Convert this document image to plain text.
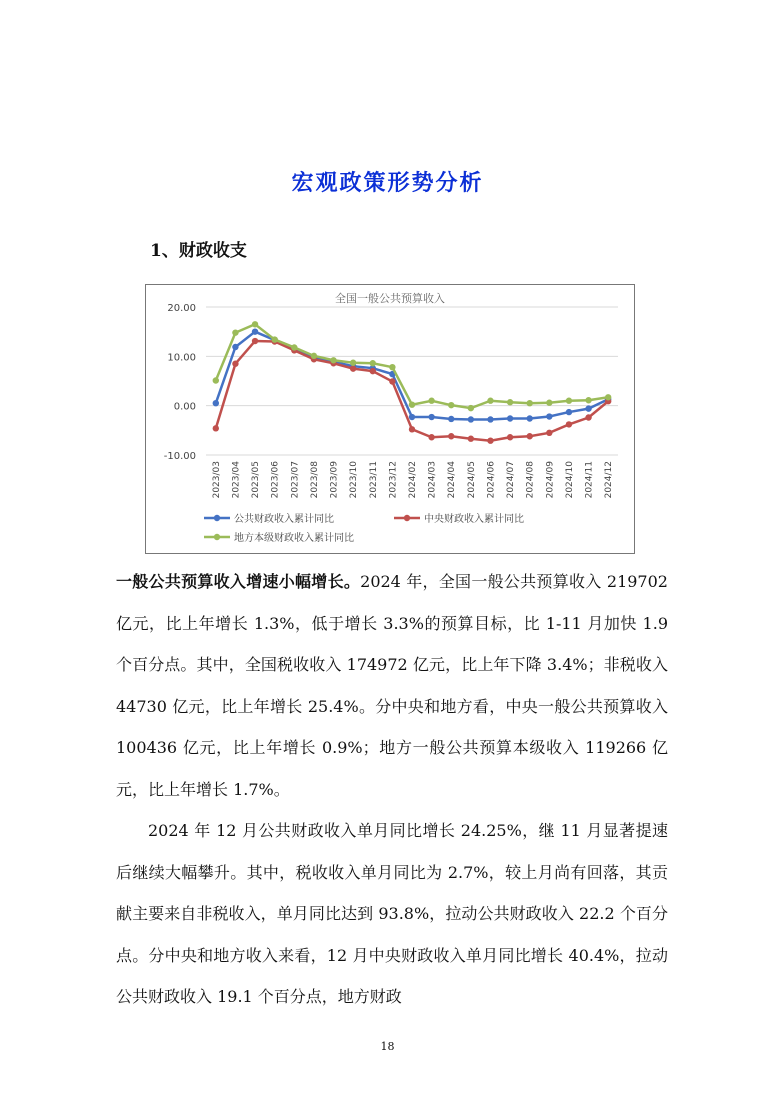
宏观政策形势分析
1、财政收支
全国一般公共预算收入
20.00
10.00
0.00
-10.00
2023/03 2023/04 2023/05 2023/06 2023/07 2023/08 2023/09 2023/10 2023/11 2023/12 2024/02 2024/03 2024/04 2024/05 2024/06 2024/07 2024/08 2024/09 2024/10 2024/11 2024/12
公共财政收入累计同比	中央财政收入累计同比
地方本级财政收入累计同比

一般公共预算收入增速小幅增长。2024 年，全国一般公共预算收入 219702 亿元，比上年增长 1.3%，低于增长 3.3%的预算目标，比 1-11 月加快 1.9 个百分点。其中，全国税收收入 174972 亿元，比上年下降 3.4%；非税收入 44730 亿元，比上年增长 25.4%。分中央和地方看，中央一般公共预算收入 100436 亿元，比上年增长 0.9%；地方一般公共预算本级收入 119266 亿元，比上年增长 1.7%。

2024 年 12 月公共财政收入单月同比增长 24.25%，继 11 月显著提速后继续大幅攀升。其中，税收收入单月同比为 2.7%，较上月尚有回落，其贡献主要来自非税收入，单月同比达到 93.8%，拉动公共财政收入 22.2 个百分点。分中央和地方收入来看，12 月中央财政收入单月同比增长 40.4%，拉动公共财政收入 19.1 个百分点，地方财政

18
